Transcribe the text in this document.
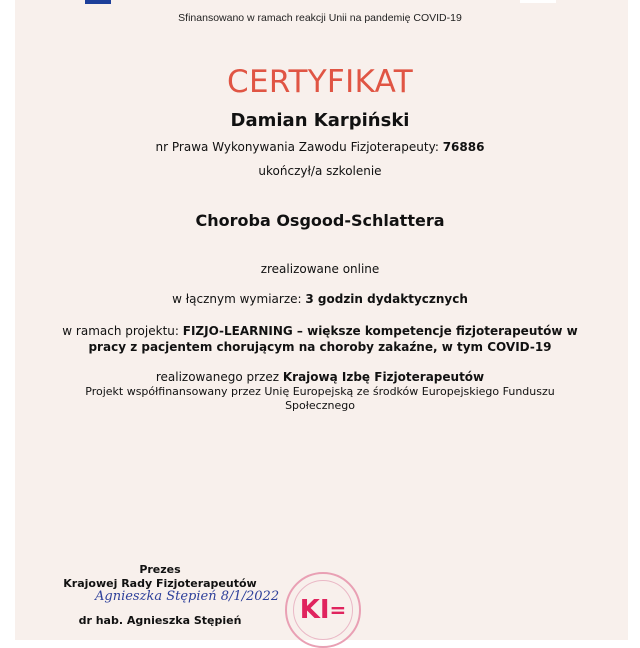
Sfinansowano w ramach reakcji Unii na pandemię COVID-19
CERTYFIKAT
Damian Karpiński
nr Prawa Wykonywania Zawodu Fizjoterapeuty: 76886
ukończył/a szkolenie
Choroba Osgood-Schlattera
zrealizowane online
w łącznym wymiarze: 3 godzin dydaktycznych
w ramach projektu: FIZJO-LEARNING – większe kompetencje fizjoterapeutów w
pracy z pacjentem chorującym na choroby zakaźne, w tym COVID-19
realizowanego przez Krajową Izbę Fizjoterapeutów
Projekt współfinansowany przez Unię Europejską ze środków Europejskiego Funduszu
Społecznego
Prezes
Krajowej Rady Fizjoterapeutów
Agnieszka Stępień 8/1/2022
dr hab. Agnieszka Stępień	KI =
